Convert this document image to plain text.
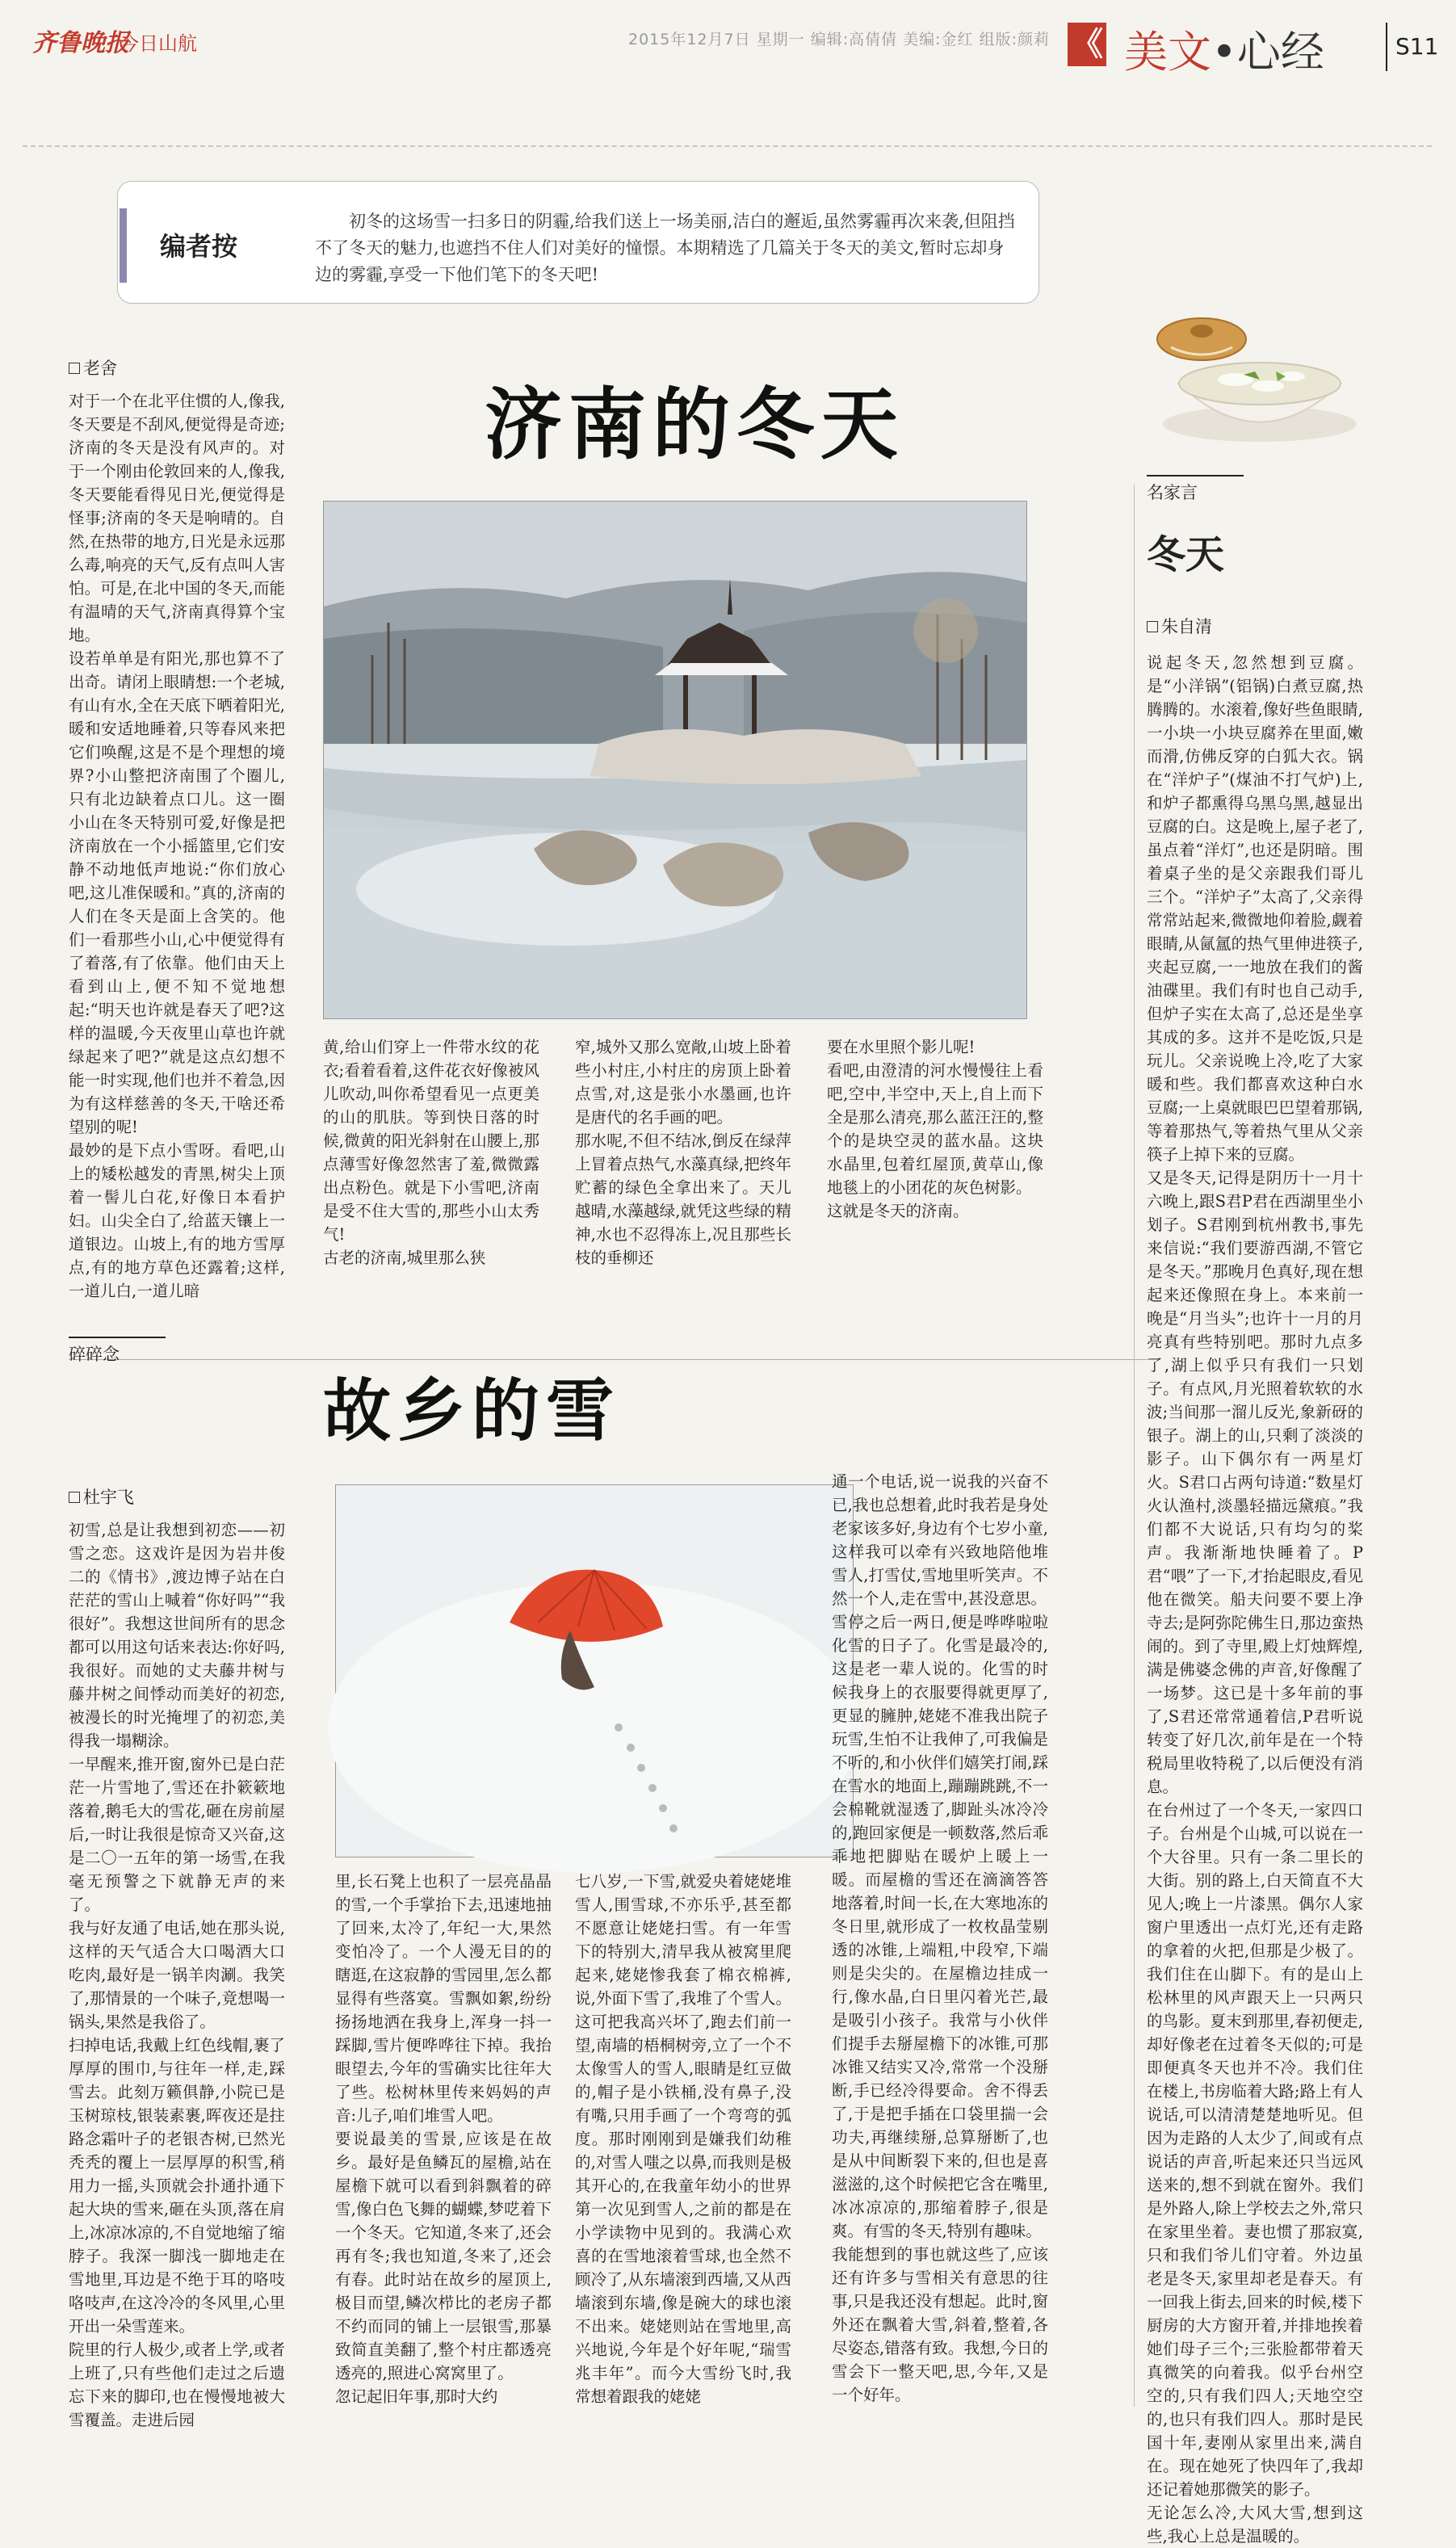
齐鲁晚报
今日山航	2015年12月7日 星期一 编辑:高倩倩 美编:金红 组版:颜莉 《 美文•心经	S11
编者按
初冬的这场雪一扫多日的阴霾,给我们送上一场美丽,洁白的邂逅,虽然雾霾再次来袭,但阻挡不了冬天的魅力,也遮挡不住人们对美好的憧憬。本期精选了几篇关于冬天的美文,暂时忘却身边的雾霾,享受一下他们笔下的冬天吧!
老舍
济南的冬天
对于一个在北平住惯的人,像我,冬天要是不刮风,便觉得是奇迹;济南的冬天是没有风声的。对于一个刚由伦敦回来的人,像我,冬天要能看得见日光,便觉得是怪事;济南的冬天是响晴的。自然,在热带的地方,日光是永远那么毒,响亮的天气,反有点叫人害怕。可是,在北中国的冬天,而能有温晴的天气,济南真得算个宝地。
设若单单是有阳光,那也算不了出奇。请闭上眼睛想:一个老城,有山有水,全在天底下晒着阳光,暖和安适地睡着,只等春风来把它们唤醒,这是不是个理想的境界?小山整把济南围了个圈儿,只有北边缺着点口儿。这一圈小山在冬天特别可爱,好像是把济南放在一个小摇篮里,它们安静不动地低声地说:“你们放心吧,这儿准保暖和。”真的,济南的人们在冬天是面上含笑的。他们一看那些小山,心中便觉得有了着落,有了依靠。他们由天上看到山上,便不知不觉地想起:“明天也许就是春天了吧?这样的温暖,今天夜里山草也许就绿起来了吧?”就是这点幻想不能一时实现,他们也并不着急,因为有这样慈善的冬天,干啥还希望别的呢!
最妙的是下点小雪呀。看吧,山上的矮松越发的青黑,树尖上顶着一髻儿白花,好像日本看护妇。山尖全白了,给蓝天镶上一道银边。山坡上,有的地方雪厚点,有的地方草色还露着;这样,一道儿白,一道儿暗
黄,给山们穿上一件带水纹的花衣;看着看着,这件花衣好像被风儿吹动,叫你希望看见一点更美的山的肌肤。等到快日落的时候,微黄的阳光斜射在山腰上,那点薄雪好像忽然害了羞,微微露出点粉色。就是下小雪吧,济南是受不住大雪的,那些小山太秀气!
古老的济南,城里那么狭
窄,城外又那么宽敞,山坡上卧着些小村庄,小村庄的房顶上卧着点雪,对,这是张小水墨画,也许是唐代的名手画的吧。
那水呢,不但不结冰,倒反在绿萍上冒着点热气,水藻真绿,把终年贮蓄的绿色全拿出来了。天儿越晴,水藻越绿,就凭这些绿的精神,水也不忍得冻上,况且那些长枝的垂柳还
要在水里照个影儿呢!
看吧,由澄清的河水慢慢往上看吧,空中,半空中,天上,自上而下全是那么清亮,那么蓝汪汪的,整个的是块空灵的蓝水晶。这块水晶里,包着红屋顶,黄草山,像地毯上的小团花的灰色树影。
这就是冬天的济南。
碎碎念
故乡的雪
杜宇飞
初雪,总是让我想到初恋——初雪之恋。这戏许是因为岩井俊二的《情书》,渡边博子站在白茫茫的雪山上喊着“你好吗”“我很好”。我想这世间所有的思念都可以用这句话来表达:你好吗,我很好。而她的丈夫藤井树与藤井树之间悸动而美好的初恋,被漫长的时光掩埋了的初恋,美得我一塌糊涂。
一早醒来,推开窗,窗外已是白茫茫一片雪地了,雪还在扑簌簌地落着,鹅毛大的雪花,砸在房前屋后,一时让我很是惊奇又兴奋,这是二〇一五年的第一场雪,在我毫无预警之下就静无声的来了。
我与好友通了电话,她在那头说,这样的天气适合大口喝酒大口吃肉,最好是一锅羊肉涮。我笑了,那情景的一个味子,竟想喝一锅头,果然是我俗了。
扫掉电话,我戴上红色线帽,裹了厚厚的围巾,与往年一样,走,踩雪去。此刻万籁俱静,小院已是玉树琼枝,银装素裹,晖夜还是拄路念霜叶子的老银杏树,已然光秃秃的覆上一层厚厚的积雪,稍用力一摇,头顶就会扑通扑通下起大块的雪来,砸在头顶,落在肩上,冰凉冰凉的,不自觉地缩了缩脖子。我深一脚浅一脚地走在雪地里,耳边是不绝于耳的咯吱咯吱声,在这冷冷的冬风里,心里开出一朵雪莲来。
院里的行人极少,或者上学,或者上班了,只有些他们走过之后遗忘下来的脚印,也在慢慢地被大雪覆盖。走进后园
里,长石凳上也积了一层亮晶晶的雪,一个手掌抬下去,迅速地抽了回来,太冷了,年纪一大,果然变怕冷了。一个人漫无目的的瞎逛,在这寂静的雪园里,怎么都显得有些落寞。雪飘如絮,纷纷扬扬地洒在我身上,浑身一抖一踩脚,雪片便哗哗往下掉。我抬眼望去,今年的雪确实比往年大了些。松树林里传来妈妈的声音:儿子,咱们堆雪人吧。
要说最美的雪景,应该是在故乡。最好是鱼鳞瓦的屋檐,站在屋檐下就可以看到斜飘着的碎雪,像白色飞舞的蝴蝶,梦呓着下一个冬天。它知道,冬来了,还会再有冬;我也知道,冬来了,还会有春。此时站在故乡的屋顶上,极目而望,鳞次栉比的老房子都不约而同的铺上一层银雪,那暴致简直美翻了,整个村庄都透亮透亮的,照进心窝窝里了。
忽记起旧年事,那时大约
七八岁,一下雪,就爱央着姥姥堆雪人,围雪球,不亦乐乎,甚至都不愿意让姥姥扫雪。有一年雪下的特别大,清早我从被窝里爬起来,姥姥惨我套了棉衣棉裤,说,外面下雪了,我堆了个雪人。这可把我高兴坏了,跑去们前一望,南墙的梧桐树旁,立了一个不太像雪人的雪人,眼睛是红豆做的,帽子是小铁桶,没有鼻子,没有嘴,只用手画了一个弯弯的弧度。那时刚刚到是嫌我们幼稚的,对雪人嗤之以鼻,而我则是极其开心的,在我童年幼小的世界第一次见到雪人,之前的都是在小学读物中见到的。我满心欢喜的在雪地滚着雪球,也全然不顾冷了,从东墙滚到西墙,又从西墙滚到东墙,像是碗大的球也滚不出来。姥姥则站在雪地里,高兴地说,今年是个好年呢,“瑞雪兆丰年”。而今大雪纷飞时,我常想着跟我的姥姥
通一个电话,说一说我的兴奋不已,我也总想着,此时我若是身处老家该多好,身边有个七岁小童,这样我可以牵有兴致地陪他堆雪人,打雪仗,雪地里听笑声。不然一个人,走在雪中,甚没意思。
雪停之后一两日,便是哗哗啦啦化雪的日子了。化雪是最冷的,这是老一辈人说的。化雪的时候我身上的衣服要得就更厚了,更显的臃肿,姥姥不准我出院子玩雪,生怕不让我伸了,可我偏是不听的,和小伙伴们嬉笑打闹,踩在雪水的地面上,蹦蹦跳跳,不一会棉靴就湿透了,脚趾头冰冷冷的,跑回家便是一顿数落,然后乖乖地把脚贴在暖炉上暖上一暖。而屋檐的雪还在滴滴答答地落着,时间一长,在大寒地冻的冬日里,就形成了一枚枚晶莹剔透的冰锥,上端粗,中段窄,下端则是尖尖的。在屋檐边挂成一行,像水晶,白日里闪着光芒,最是吸引小孩子。我常与小伙伴们提手去掰屋檐下的冰锥,可那冰锥又结实又冷,常常一个没掰断,手已经冷得要命。舍不得丢了,于是把手插在口袋里揣一会功夫,再继续掰,总算掰断了,也是从中间断裂下来的,但也是喜滋滋的,这个时候把它含在嘴里,冰冰凉凉的,那缩着脖子,很是爽。有雪的冬天,特别有趣味。
我能想到的事也就这些了,应该还有许多与雪相关有意思的往事,只是我还没有想起。此时,窗外还在飘着大雪,斜着,整着,各尽姿态,错落有致。我想,今日的雪会下一整天吧,思,今年,又是一个好年。
名家言
冬天
朱自清
说起冬天,忽然想到豆腐。是“小洋锅”(铝锅)白煮豆腐,热腾腾的。水滚着,像好些鱼眼睛,一小块一小块豆腐养在里面,嫩而滑,仿佛反穿的白狐大衣。锅在“洋炉子”(煤油不打气炉)上,和炉子都熏得乌黑乌黑,越显出豆腐的白。这是晚上,屋子老了,虽点着“洋灯”,也还是阴暗。围着桌子坐的是父亲跟我们哥儿三个。“洋炉子”太高了,父亲得常常站起来,微微地仰着脸,觑着眼睛,从氤氲的热气里伸进筷子,夹起豆腐,一一地放在我们的酱油碟里。我们有时也自己动手,但炉子实在太高了,总还是坐享其成的多。这并不是吃饭,只是玩儿。父亲说晚上冷,吃了大家暖和些。我们都喜欢这种白水豆腐;一上桌就眼巴巴望着那锅,等着那热气,等着热气里从父亲筷子上掉下来的豆腐。
又是冬天,记得是阴历十一月十六晚上,跟S君P君在西湖里坐小划子。S君刚到杭州教书,事先来信说:“我们要游西湖,不管它是冬天。”那晚月色真好,现在想起来还像照在身上。本来前一晚是“月当头”;也许十一月的月亮真有些特别吧。那时九点多了,湖上似乎只有我们一只划子。有点风,月光照着软软的水波;当间那一溜儿反光,象新砑的银子。湖上的山,只剩了淡淡的影子。山下偶尔有一两星灯火。S君口占两句诗道:“数星灯火认渔村,淡墨轻描远黛痕。”我们都不大说话,只有均匀的桨声。我渐渐地快睡着了。P君“喂”了一下,才抬起眼皮,看见他在微笑。船夫问要不要上净寺去;是阿弥陀佛生日,那边蛮热闹的。到了寺里,殿上灯烛辉煌,满是佛婆念佛的声音,好像醒了一场梦。这已是十多年前的事了,S君还常常通着信,P君听说转变了好几次,前年是在一个特税局里收特税了,以后便没有消息。
在台州过了一个冬天,一家四口子。台州是个山城,可以说在一个大谷里。只有一条二里长的大街。别的路上,白天简直不大见人;晚上一片漆黑。偶尔人家窗户里透出一点灯光,还有走路的拿着的火把,但那是少极了。我们住在山脚下。有的是山上松林里的风声跟天上一只两只的鸟影。夏末到那里,春初便走,却好像老在过着冬天似的;可是即便真冬天也并不冷。我们住在楼上,书房临着大路;路上有人说话,可以清清楚楚地听见。但因为走路的人太少了,间或有点说话的声音,听起来还只当远风送来的,想不到就在窗外。我们是外路人,除上学校去之外,常只在家里坐着。妻也惯了那寂寞,只和我们爷儿们守着。外边虽老是冬天,家里却老是春天。有一回我上街去,回来的时候,楼下厨房的大方窗开着,并排地挨着她们母子三个;三张脸都带着天真微笑的向着我。似乎台州空空的,只有我们四人;天地空空的,也只有我们四人。那时是民国十年,妻刚从家里出来,满自在。现在她死了快四年了,我却还记着她那微笑的影子。
无论怎么冷,大风大雪,想到这些,我心上总是温暖的。
